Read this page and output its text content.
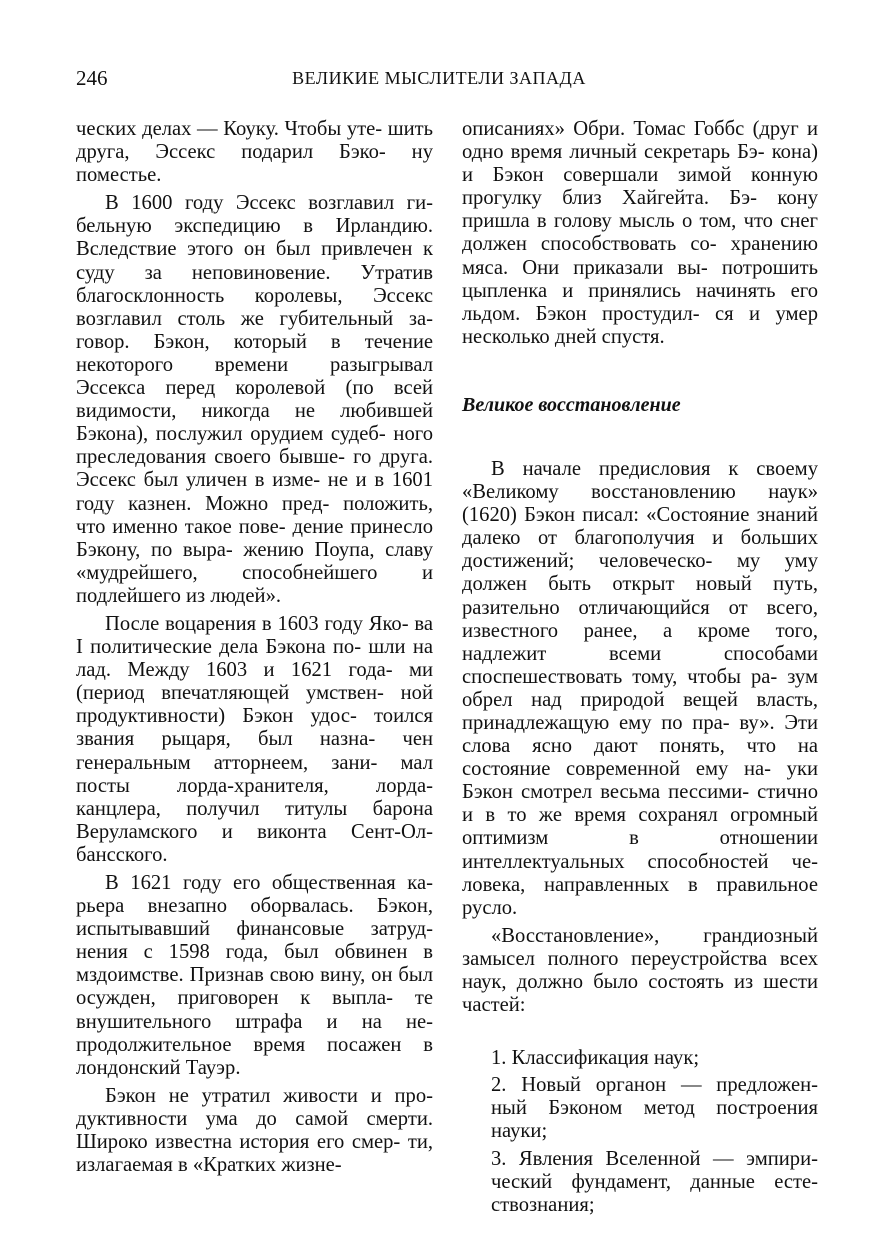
246	ВЕЛИКИЕ МЫСЛИТЕЛИ ЗАПАДА

ческих делах — Коуку. Чтобы уте- шить друга, Эссекс подарил Бэко- ну поместье.

В 1600 году Эссекс возглавил ги- бельную экспедицию в Ирландию. Вследствие этого он был привлечен к суду за неповиновение. Утратив благосклонность королевы, Эссекс возглавил столь же губительный за- говор. Бэкон, который в течение некоторого времени разыгрывал Эссекса перед королевой (по всей видимости, никогда не любившей Бэкона), послужил орудием судеб- ного преследования своего бывше- го друга. Эссекс был уличен в изме- не и в 1601 году казнен. Можно пред- положить, что именно такое пове- дение принесло Бэкону, по выра- жению Поупа, славу «мудрейшего, способнейшего и подлейшего из людей».

После воцарения в 1603 году Яко- ва I политические дела Бэкона по- шли на лад. Между 1603 и 1621 года- ми (период впечатляющей умствен- ной продуктивности) Бэкон удос- тоился звания рыцаря, был назна- чен генеральным атторнеем, зани- мал посты лорда-хранителя, лорда- канцлера, получил титулы барона Веруламского и виконта Сент-Ол- бансского.

В 1621 году его общественная ка- рьера внезапно оборвалась. Бэкон, испытывавший финансовые затруд- нения с 1598 года, был обвинен в мздоимстве. Признав свою вину, он был осужден, приговорен к выпла- те внушительного штрафа и на не- продолжительное время посажен в лондонский Тауэр.

Бэкон не утратил живости и про- дуктивности ума до самой смерти. Широко известна история его смер- ти, излагаемая в «Кратких жизне-

описаниях» Обри. Томас Гоббс (друг и одно время личный секретарь Бэ- кона) и Бэкон совершали зимой конную прогулку близ Хайгейта. Бэ- кону пришла в голову мысль о том, что снег должен способствовать со- хранению мяса. Они приказали вы- потрошить цыпленка и принялись начинять его льдом. Бэкон простудил- ся и умер несколько дней спустя.

Великое восстановление

В начале предисловия к своему «Великому восстановлению наук» (1620) Бэкон писал: «Состояние знаний далеко от благополучия и больших достижений; человеческо- му уму должен быть открыт новый путь, разительно отличающийся от всего, известного ранее, а кроме того, надлежит всеми способами споспешествовать тому, чтобы ра- зум обрел над природой вещей власть, принадлежащую ему по пра- ву». Эти слова ясно дают понять, что на состояние современной ему на- уки Бэкон смотрел весьма пессими- стично и в то же время сохранял огромный оптимизм в отношении интеллектуальных способностей че- ловека, направленных в правильное русло.

«Восстановление», грандиозный замысел полного переустройства всех наук, должно было состоять из шести частей:

1. Классификация наук;
2. Новый органон — предложен- ный Бэконом метод построения науки;
3. Явления Вселенной — эмпири- ческий фундамент, данные есте- ствознания;
